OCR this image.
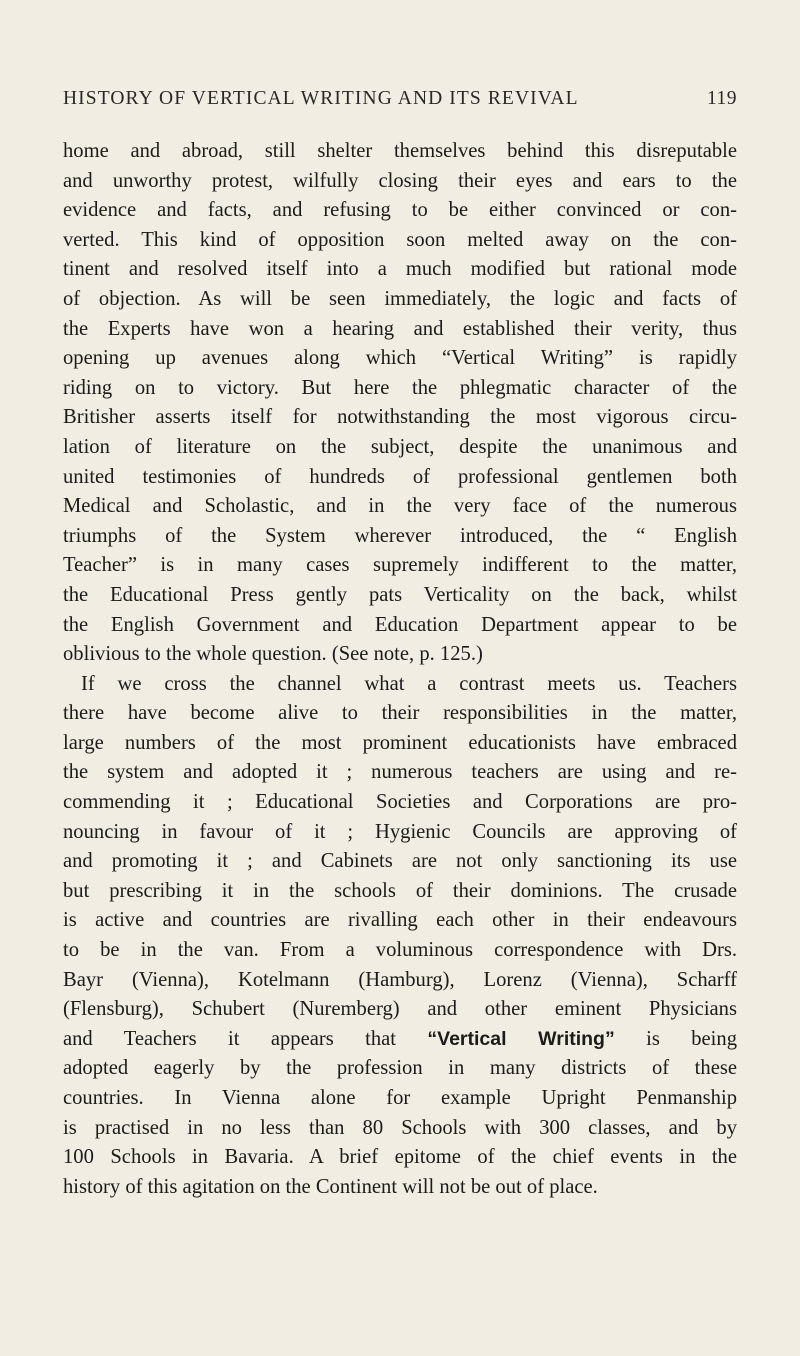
HISTORY OF VERTICAL WRITING AND ITS REVIVAL	119
home and abroad, still shelter themselves behind this disreputable
and unworthy protest, wilfully closing their eyes and ears to the
evidence and facts, and refusing to be either convinced or con-
verted. This kind of opposition soon melted away on the con-
tinent and resolved itself into a much modified but rational mode
of objection. As will be seen immediately, the logic and facts of
the Experts have won a hearing and established their verity, thus
opening up avenues along which “Vertical Writing” is rapidly
riding on to victory. But here the phlegmatic character of the
Britisher asserts itself for notwithstanding the most vigorous circu-
lation of literature on the subject, despite the unanimous and
united testimonies of hundreds of professional gentlemen both
Medical and Scholastic, and in the very face of the numerous
triumphs of the System wherever introduced, the “ English
Teacher” is in many cases supremely indifferent to the matter,
the Educational Press gently pats Verticality on the back, whilst
the English Government and Education Department appear to be
oblivious to the whole question. (See note, p. 125.)
If we cross the channel what a contrast meets us. Teachers
there have become alive to their responsibilities in the matter,
large numbers of the most prominent educationists have embraced
the system and adopted it ; numerous teachers are using and re-
commending it ; Educational Societies and Corporations are pro-
nouncing in favour of it ; Hygienic Councils are approving of
and promoting it ; and Cabinets are not only sanctioning its use
but prescribing it in the schools of their dominions. The crusade
is active and countries are rivalling each other in their endeavours
to be in the van. From a voluminous correspondence with Drs.
Bayr (Vienna), Kotelmann (Hamburg), Lorenz (Vienna), Scharff
(Flensburg), Schubert (Nuremberg) and other eminent Physicians
and Teachers it appears that “Vertical Writing” is being
adopted eagerly by the profession in many districts of these
countries. In Vienna alone for example Upright Penmanship
is practised in no less than 80 Schools with 300 classes, and by
100 Schools in Bavaria. A brief epitome of the chief events in the
history of this agitation on the Continent will not be out of place.
